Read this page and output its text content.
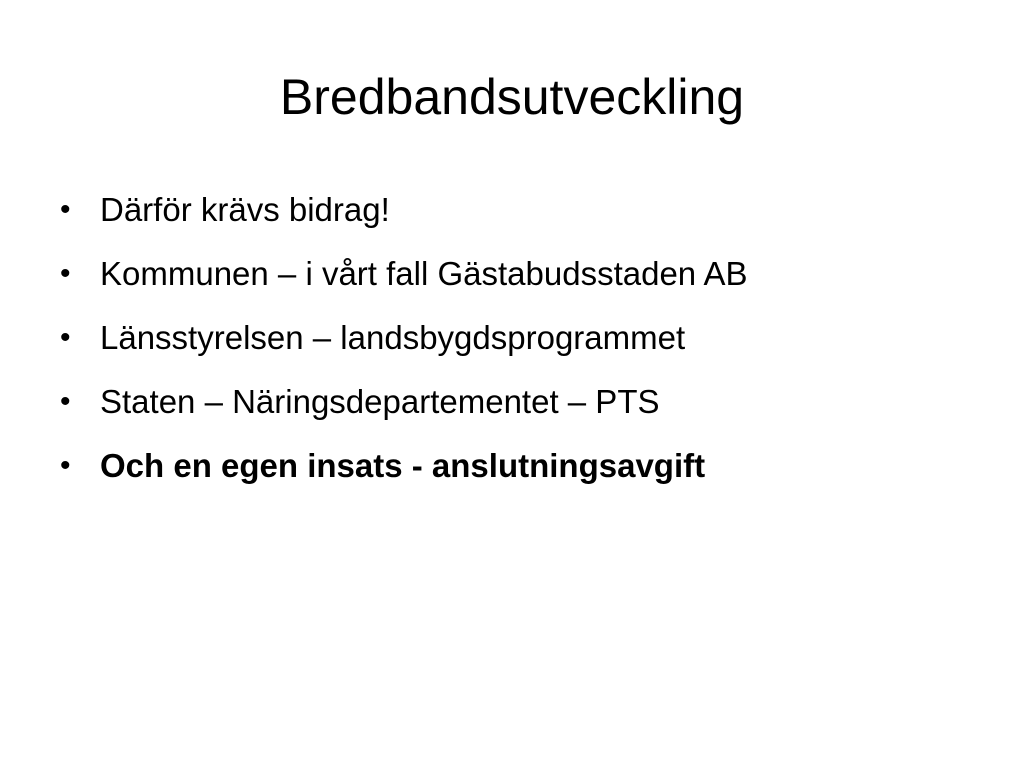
Bredbandsutveckling
• Därför krävs bidrag!
• Kommunen – i vårt fall Gästabudsstaden AB
• Länsstyrelsen – landsbygdsprogrammet
• Staten – Näringsdepartementet – PTS
• Och en egen insats - anslutningsavgift
